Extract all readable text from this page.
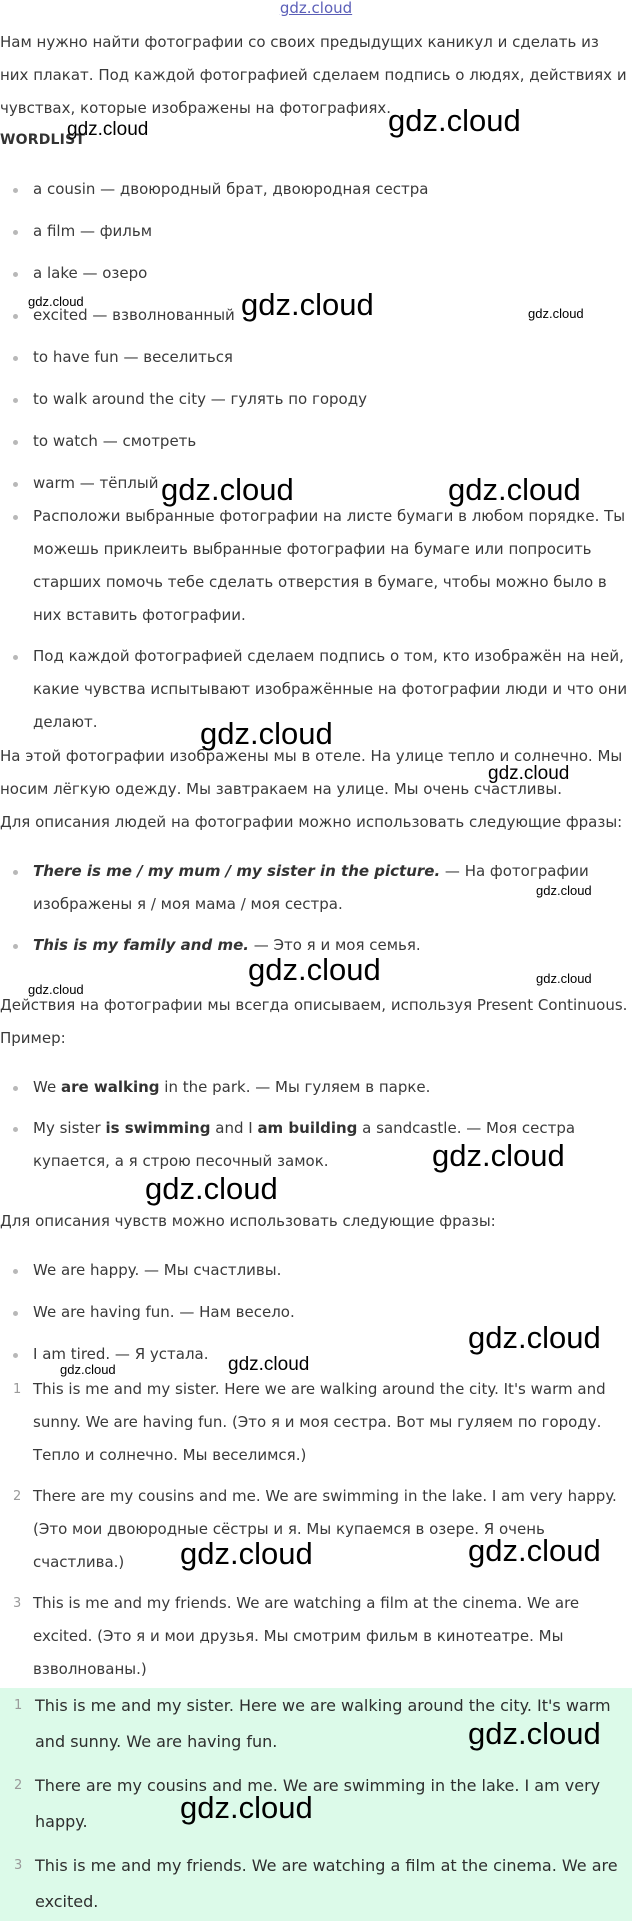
gdz.cloud

Нам нужно найти фотографии со своих предыдущих каникул и сделать из них плакат. Под каждой фотографией сделаем подпись о людях, действиях и чувствах, которые изображены на фотографиях.

WORDLIST
a cousin — двоюродный брат, двоюродная сестра
a film — фильм
a lake — озеро
excited — взволнованный
to have fun — веселиться
to walk around the city — гулять по городу
to watch — смотреть
warm — тёплый
Расположи выбранные фотографии на листе бумаги в любом порядке. Ты можешь приклеить выбранные фотографии на бумаге или попросить старших помочь тебе сделать отверстия в бумаге, чтобы можно было в них вставить фотографии.
Под каждой фотографией сделаем подпись о том, кто изображён на ней, какие чувства испытывают изображённые на фотографии люди и что они делают.

На этой фотографии изображены мы в отеле. На улице тепло и солнечно. Мы носим лёгкую одежду. Мы завтракаем на улице. Мы очень счастливы.

Для описания людей на фотографии можно использовать следующие фразы:

There is me / my mum / my sister in the picture. — На фотографии изображены я / моя мама / моя сестра.
This is my family and me. — Это я и моя семья.

Действия на фотографии мы всегда описываем, используя Present Continuous. Пример:

We are walking in the park. — Мы гуляем в парке.
My sister is swimming and I am building a sandcastle. — Моя сестра купается, а я строю песочный замок.

Для описания чувств можно использовать следующие фразы:

We are happy. — Мы счастливы.
We are having fun. — Нам весело.
I am tired. — Я устала.
1 This is me and my sister. Here we are walking around the city. It's warm and sunny. We are having fun. (Это я и моя сестра. Вот мы гуляем по городу. Тепло и солнечно. Мы веселимся.)
2 There are my cousins and me. We are swimming in the lake. I am very happy. (Это мои двоюродные сёстры и я. Мы купаемся в озере. Я очень счастлива.)
3 This is me and my friends. We are watching a film at the cinema. We are excited. (Это я и мои друзья. Мы смотрим фильм в кинотеатре. Мы взволнованы.)
1 This is me and my sister. Here we are walking around the city. It's warm and sunny. We are having fun.
2 There are my cousins and me. We are swimming in the lake. I am very happy.
3 This is me and my friends. We are watching a film at the cinema. We are excited.
gdz.cloud
gdz.cloud
gdz.cloud	gdz.cloud	gdz.cloud
gdz.cloud	gdz.cloud
gdz.cloud
gdz.cloud
gdz.cloud
gdz.cloud
gdz.cloud
gdz.cloud
gdz.cloud
gdz.cloud
gdz.cloud
gdz.cloud
gdz.cloud
gdz.cloud	gdz.cloud
gdz.cloud
gdz.cloud
